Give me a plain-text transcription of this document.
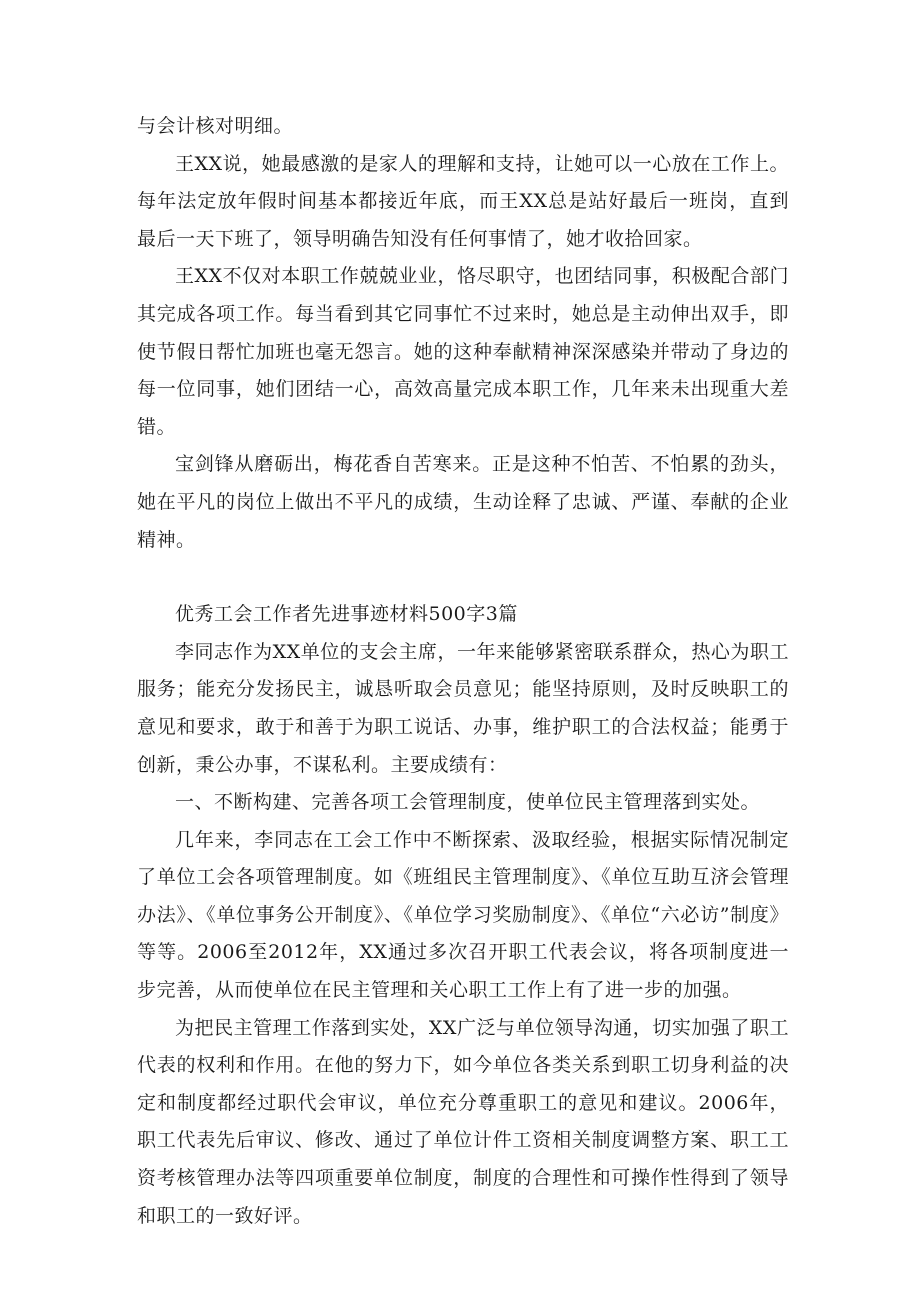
与会计核对明细。

王XX说，她最感激的是家人的理解和支持，让她可以一心放在工作上。每年法定放年假时间基本都接近年底，而王XX总是站好最后一班岗，直到最后一天下班了，领导明确告知没有任何事情了，她才收拾回家。

王XX不仅对本职工作兢兢业业，恪尽职守，也团结同事，积极配合部门其完成各项工作。每当看到其它同事忙不过来时，她总是主动伸出双手，即使节假日帮忙加班也毫无怨言。她的这种奉献精神深深感染并带动了身边的每一位同事，她们团结一心，高效高量完成本职工作，几年来未出现重大差错。

宝剑锋从磨砺出，梅花香自苦寒来。正是这种不怕苦、不怕累的劲头，她在平凡的岗位上做出不平凡的成绩，生动诠释了忠诚、严谨、奉献的企业精神。

优秀工会工作者先进事迹材料500字3篇

李同志作为XX单位的支会主席，一年来能够紧密联系群众，热心为职工服务；能充分发扬民主，诚恳听取会员意见；能坚持原则，及时反映职工的意见和要求，敢于和善于为职工说话、办事，维护职工的合法权益；能勇于创新，秉公办事，不谋私利。主要成绩有：

一、不断构建、完善各项工会管理制度，使单位民主管理落到实处。

几年来，李同志在工会工作中不断探索、汲取经验，根据实际情况制定了单位工会各项管理制度。如《班组民主管理制度》、《单位互助互济会管理办法》、《单位事务公开制度》、《单位学习奖励制度》、《单位“六必访”制度》等等。2006至2012年，XX通过多次召开职工代表会议，将各项制度进一步完善，从而使单位在民主管理和关心职工工作上有了进一步的加强。

为把民主管理工作落到实处，XX广泛与单位领导沟通，切实加强了职工代表的权利和作用。在他的努力下，如今单位各类关系到职工切身利益的决定和制度都经过职代会审议，单位充分尊重职工的意见和建议。2006年，职工代表先后审议、修改、通过了单位计件工资相关制度调整方案、职工工资考核管理办法等四项重要单位制度，制度的合理性和可操作性得到了领导和职工的一致好评。
